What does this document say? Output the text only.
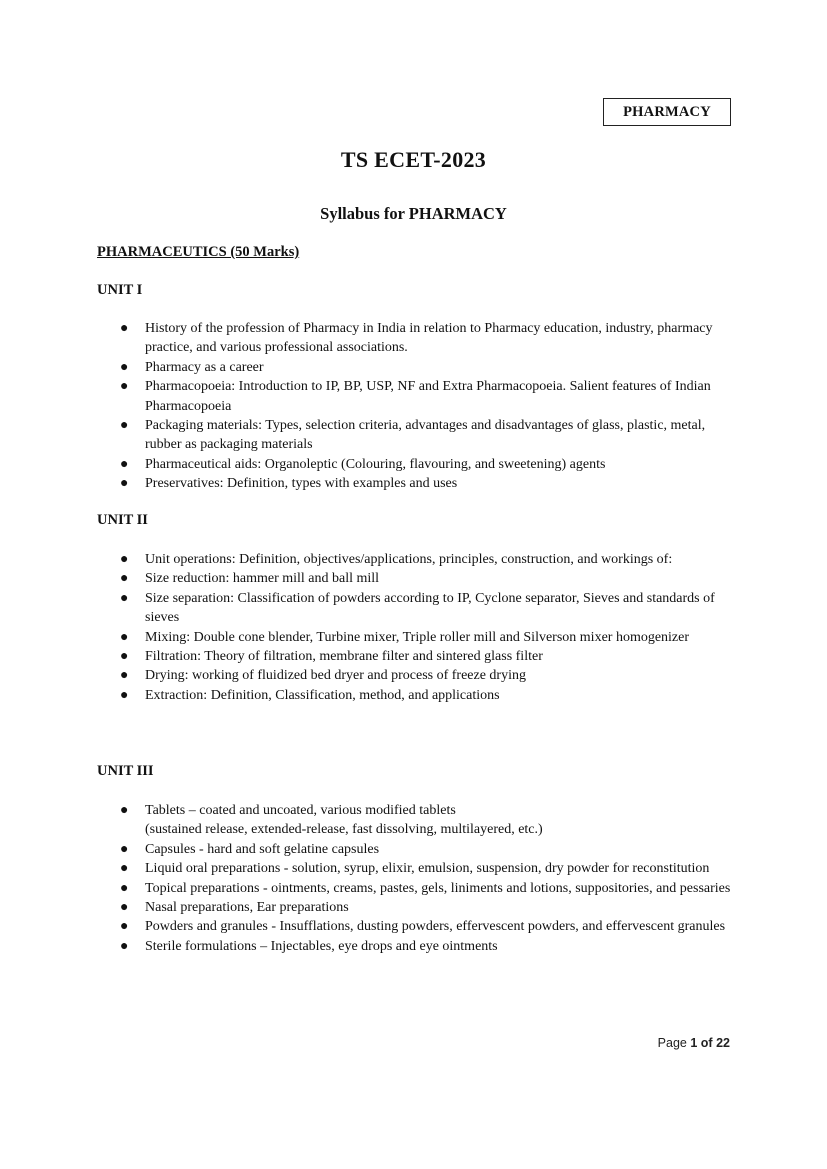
PHARMACY
TS ECET-2023
Syllabus for PHARMACY
PHARMACEUTICS (50 Marks)
UNIT I
● History of the profession of Pharmacy in India in relation to Pharmacy education, industry, pharmacy practice, and various professional associations.
● Pharmacy as a career
● Pharmacopoeia: Introduction to IP, BP, USP, NF and Extra Pharmacopoeia. Salient features of Indian Pharmacopoeia
● Packaging materials: Types, selection criteria, advantages and disadvantages of glass, plastic, metal, rubber as packaging materials
● Pharmaceutical aids: Organoleptic (Colouring, flavouring, and sweetening) agents
● Preservatives: Definition, types with examples and uses
UNIT II
● Unit operations: Definition, objectives/applications, principles, construction, and workings of:
● Size reduction: hammer mill and ball mill
● Size separation: Classification of powders according to IP, Cyclone separator, Sieves and standards of sieves
● Mixing: Double cone blender, Turbine mixer, Triple roller mill and Silverson mixer homogenizer
● Filtration: Theory of filtration, membrane filter and sintered glass filter
● Drying: working of fluidized bed dryer and process of freeze drying
● Extraction: Definition, Classification, method, and applications
UNIT III
● Tablets – coated and uncoated, various modified tablets
(sustained release, extended-release, fast dissolving, multilayered, etc.)
● Capsules - hard and soft gelatine capsules
● Liquid oral preparations - solution, syrup, elixir, emulsion, suspension, dry powder for reconstitution
● Topical preparations - ointments, creams, pastes, gels, liniments and lotions, suppositories, and pessaries
● Nasal preparations, Ear preparations
● Powders and granules - Insufflations, dusting powders, effervescent powders, and effervescent granules
● Sterile formulations – Injectables, eye drops and eye ointments
Page 1 of 22
